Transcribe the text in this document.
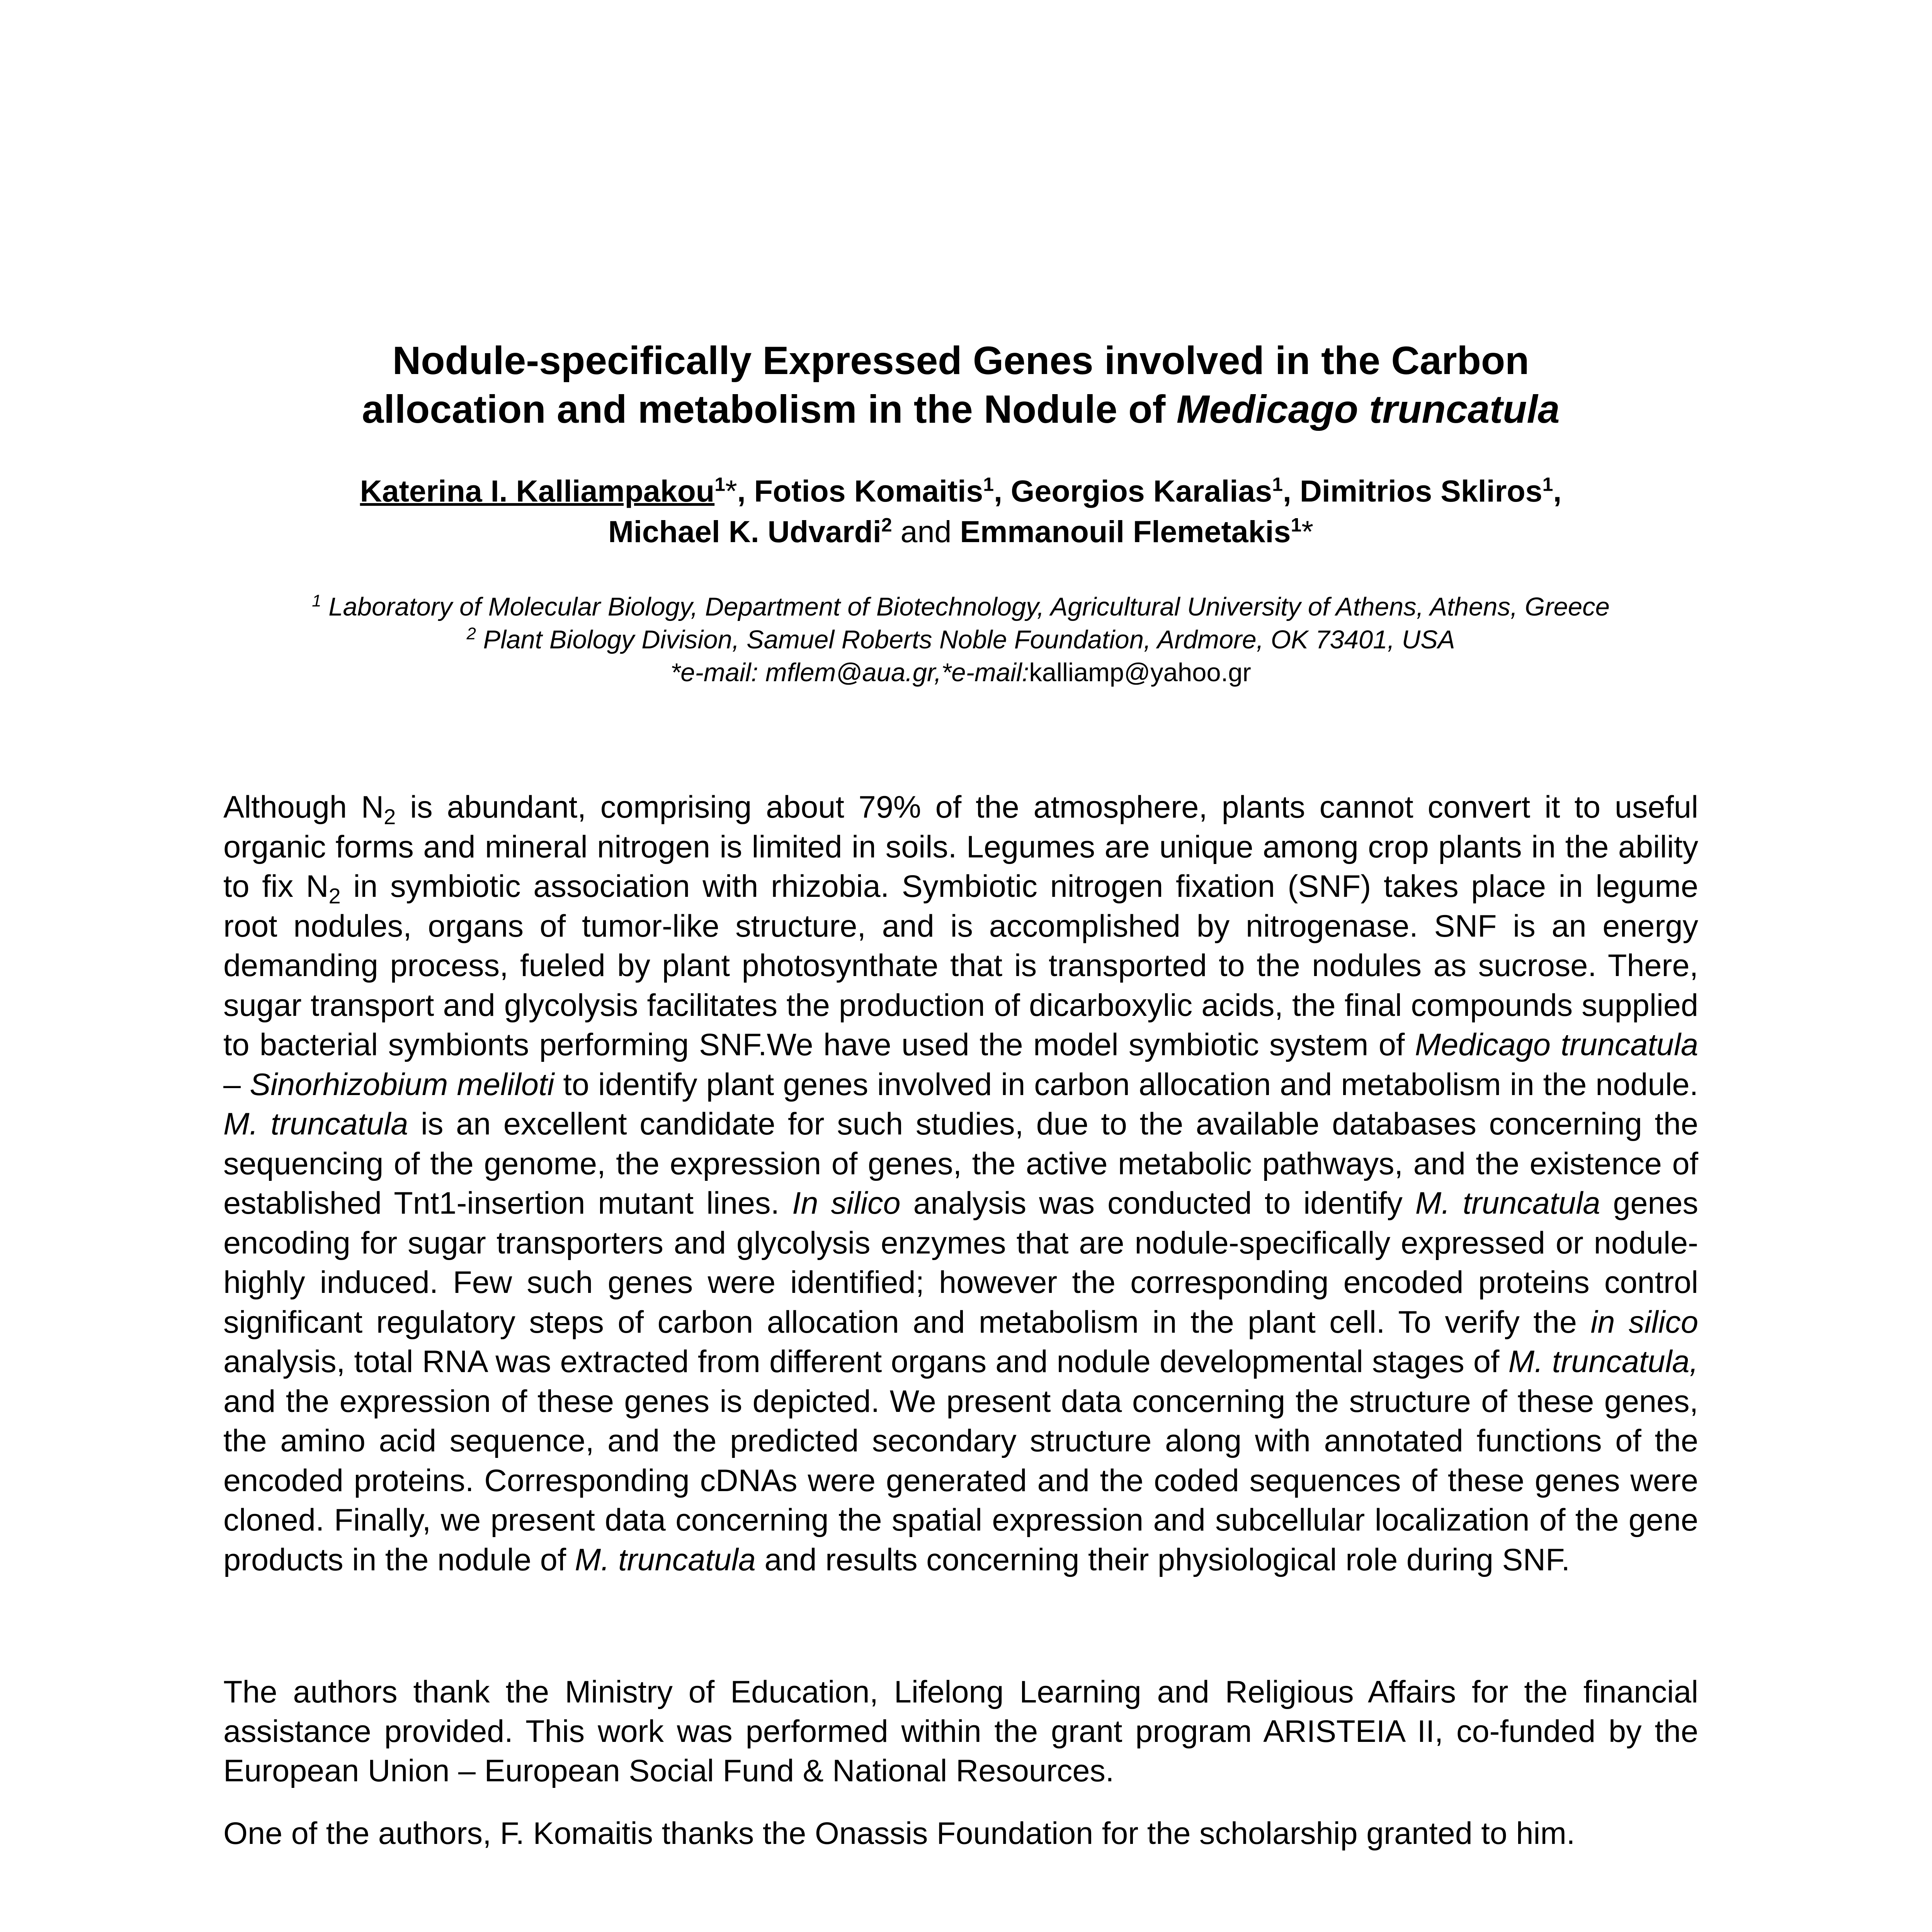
Nodule-specifically Expressed Genes involved in the Carbon
allocation and metabolism in the Nodule of Medicago truncatula
Katerina I. Kalliampakou$^1$*, Fotios Komaitis$^1$, Georgios Karalias$^1$, Dimitrios Skliros$^1$,
Michael K. Udvardi$^2$ and Emmanouil Flemetakis$^1$*
$^1$ Laboratory of Molecular Biology, Department of Biotechnology, Agricultural University of Athens, Athens, Greece
$^2$ Plant Biology Division, Samuel Roberts Noble Foundation, Ardmore, OK 73401, USA
*e-mail: mflem@aua.gr,*e-mail:kalliamp@yahoo.gr

Although $N_2$ is abundant, comprising about 79% of the atmosphere, plants cannot convert it to useful organic forms and mineral nitrogen is limited in soils. Legumes are unique among crop plants in the ability to fix $N_2$ in symbiotic association with rhizobia. Symbiotic nitrogen fixation (SNF) takes place in legume root nodules, organs of tumor-like structure, and is accomplished by nitrogenase. SNF is an energy demanding process, fueled by plant photosynthate that is transported to the nodules as sucrose. There, sugar transport and glycolysis facilitates the production of dicarboxylic acids, the final compounds supplied to bacterial symbionts performing SNF.We have used the model symbiotic system of Medicago truncatula – Sinorhizobium meliloti to identify plant genes involved in carbon allocation and metabolism in the nodule. M. truncatula is an excellent candidate for such studies, due to the available databases concerning the sequencing of the genome, the expression of genes, the active metabolic pathways, and the existence of established Tnt1-insertion mutant lines. In silico analysis was conducted to identify M. truncatula genes encoding for sugar transporters and glycolysis enzymes that are nodule-specifically expressed or nodule-highly induced. Few such genes were identified; however the corresponding encoded proteins control significant regulatory steps of carbon allocation and metabolism in the plant cell. To verify the in silico analysis, total RNA was extracted from different organs and nodule developmental stages of M. truncatula, and the expression of these genes is depicted. We present data concerning the structure of these genes, the amino acid sequence, and the predicted secondary structure along with annotated functions of the encoded proteins. Corresponding cDNAs were generated and the coded sequences of these genes were cloned. Finally, we present data concerning the spatial expression and subcellular localization of the gene products in the nodule of M. truncatula and results concerning their physiological role during SNF.

The authors thank the Ministry of Education, Lifelong Learning and Religious Affairs for the financial assistance provided. This work was performed within the grant program ARISTEIA II, co-funded by the European Union – European Social Fund & National Resources.

One of the authors, F. Komaitis thanks the Onassis Foundation for the scholarship granted to him.
